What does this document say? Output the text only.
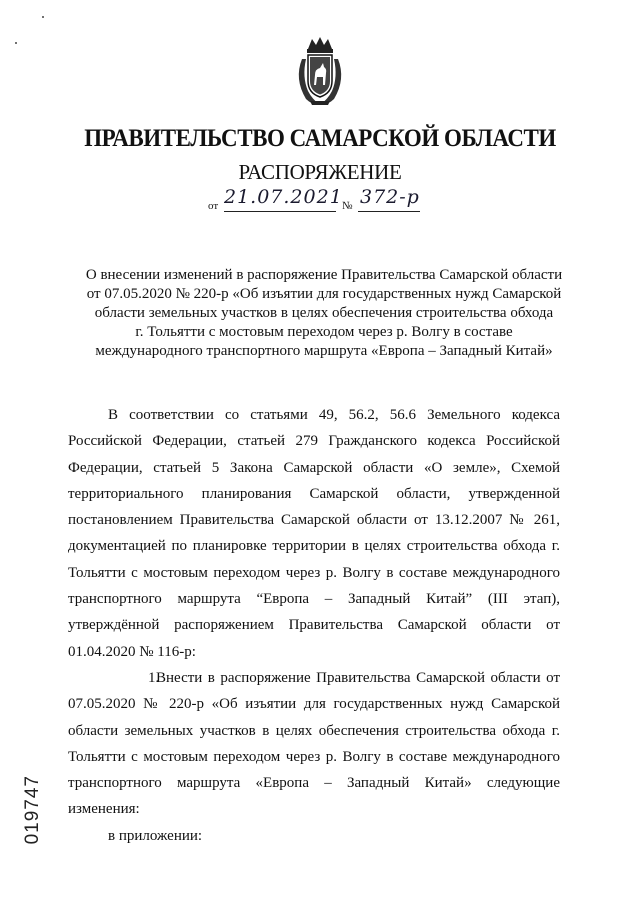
ПРАВИТЕЛЬСТВО САМАРСКОЙ ОБЛАСТИ
РАСПОРЯЖЕНИЕ
от 21.07.2021 № 372-р
О внесении изменений в распоряжение Правительства Самарской области
от 07.05.2020 № 220-р «Об изъятии для государственных нужд Самарской
области земельных участков в целях обеспечения строительства обхода
г. Тольятти с мостовым переходом через р. Волгу в составе
международного транспортного маршрута «Европа – Западный Китай»

В соответствии со статьями 49, 56.2, 56.6 Земельного кодекса Российской Федерации, статьей 279 Гражданского кодекса Российской Федерации, статьей 5 Закона Самарской области «О земле», Схемой территориального планирования Самарской области, утвержденной постановлением Правительства Самарской области от 13.12.2007 № 261, документацией по планировке территории в целях строительства обхода г. Тольятти с мостовым переходом через р. Волгу в составе международного транспортного маршрута “Европа – Западный Китай” (III этап), утверждённой распоряжением Правительства Самарской области от 01.04.2020 № 116-р:

1.Внести в распоряжение Правительства Самарской области от 07.05.2020 № 220-р «Об изъятии для государственных нужд Самарской области земельных участков в целях обеспечения строительства обхода г. Тольятти с мостовым переходом через р. Волгу в составе международного транспортного маршрута «Европа – Западный Китай» следующие изменения:

в приложении:

019747
